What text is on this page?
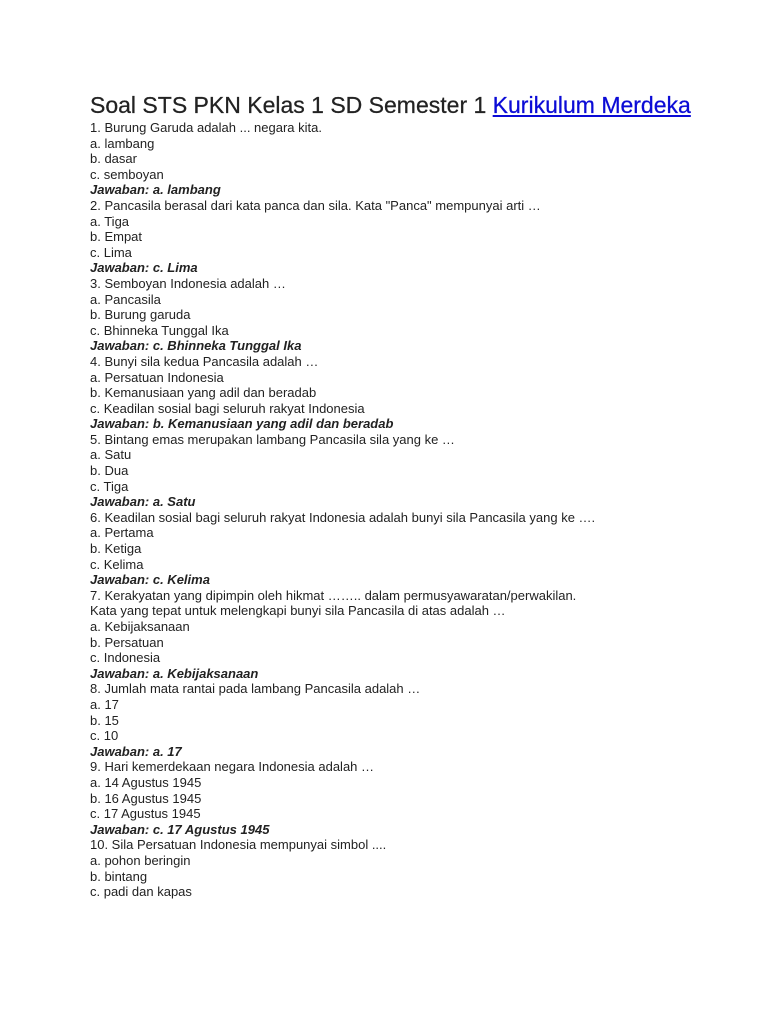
Soal STS PKN Kelas 1 SD Semester 1 Kurikulum Merdeka
1. Burung Garuda adalah ... negara kita.
a. lambang
b. dasar
c. semboyan
Jawaban: a. lambang
2. Pancasila berasal dari kata panca dan sila. Kata "Panca" mempunyai arti …
a. Tiga
b. Empat
c. Lima
Jawaban: c. Lima
3. Semboyan Indonesia adalah …
a. Pancasila
b. Burung garuda
c. Bhinneka Tunggal Ika
Jawaban: c. Bhinneka Tunggal Ika
4. Bunyi sila kedua Pancasila adalah …
a. Persatuan Indonesia
b. Kemanusiaan yang adil dan beradab
c. Keadilan sosial bagi seluruh rakyat Indonesia
Jawaban: b. Kemanusiaan yang adil dan beradab
5. Bintang emas merupakan lambang Pancasila sila yang ke …
a. Satu
b. Dua
c. Tiga
Jawaban: a. Satu
6. Keadilan sosial bagi seluruh rakyat Indonesia adalah bunyi sila Pancasila yang ke ….
a. Pertama
b. Ketiga
c. Kelima
Jawaban: c. Kelima
7. Kerakyatan yang dipimpin oleh hikmat …….. dalam permusyawaratan/perwakilan.
Kata yang tepat untuk melengkapi bunyi sila Pancasila di atas adalah …
a. Kebijaksanaan
b. Persatuan
c. Indonesia
Jawaban: a. Kebijaksanaan
8. Jumlah mata rantai pada lambang Pancasila adalah …
a. 17
b. 15
c. 10
Jawaban: a. 17
9. Hari kemerdekaan negara Indonesia adalah …
a. 14 Agustus 1945
b. 16 Agustus 1945
c. 17 Agustus 1945
Jawaban: c. 17 Agustus 1945
10. Sila Persatuan Indonesia mempunyai simbol ....
a. pohon beringin
b. bintang
c. padi dan kapas
